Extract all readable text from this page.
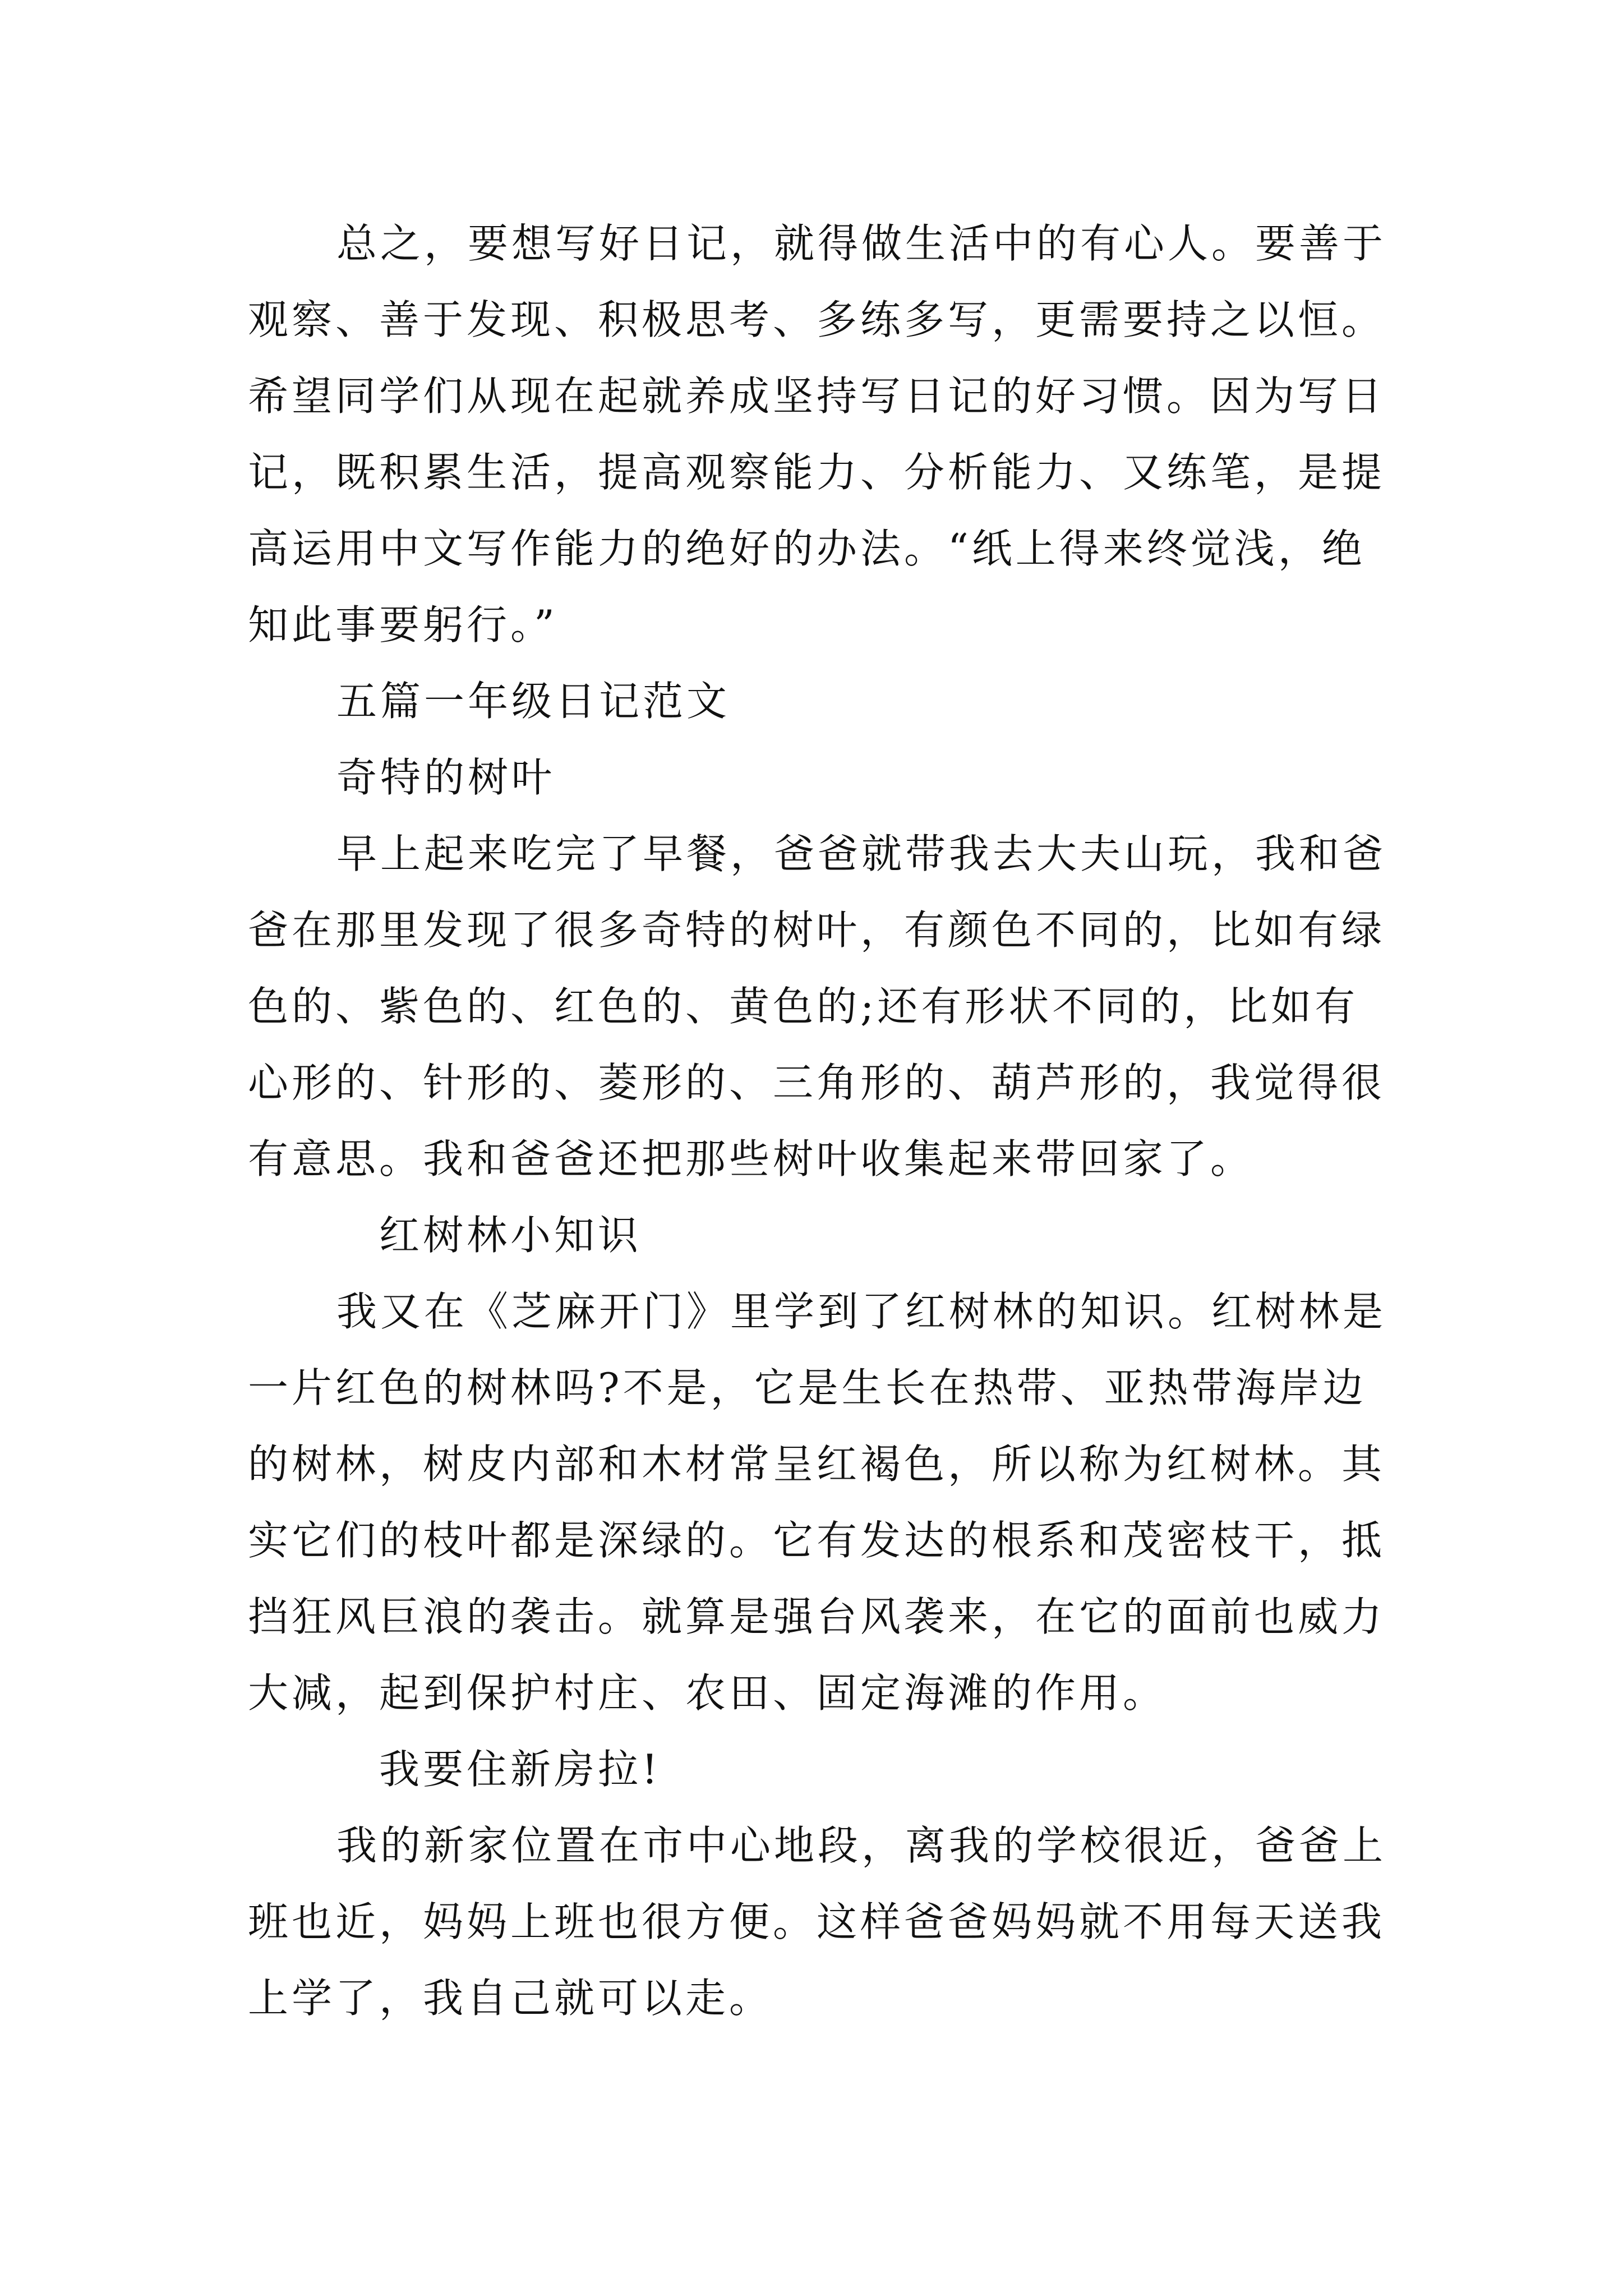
总之，要想写好日记，就得做生活中的有心人。要善于
观察、善于发现、积极思考、多练多写，更需要持之以恒。
希望同学们从现在起就养成坚持写日记的好习惯。因为写日
记，既积累生活，提高观察能力、分析能力、又练笔，是提
高运用中文写作能力的绝好的办法。“纸上得来终觉浅，绝
知此事要躬行。”
五篇一年级日记范文
奇特的树叶
早上起来吃完了早餐，爸爸就带我去大夫山玩，我和爸
爸在那里发现了很多奇特的树叶，有颜色不同的，比如有绿
色的、紫色的、红色的、黄色的;还有形状不同的，比如有
心形的、针形的、菱形的、三角形的、葫芦形的，我觉得很
有意思。我和爸爸还把那些树叶收集起来带回家了。
红树林小知识
我又在《芝麻开门》里学到了红树林的知识。红树林是
一片红色的树林吗?不是，它是生长在热带、亚热带海岸边
的树林，树皮内部和木材常呈红褐色，所以称为红树林。其
实它们的枝叶都是深绿的。它有发达的根系和茂密枝干，抵
挡狂风巨浪的袭击。就算是强台风袭来，在它的面前也威力
大减，起到保护村庄、农田、固定海滩的作用。
我要住新房拉!
我的新家位置在市中心地段，离我的学校很近，爸爸上
班也近，妈妈上班也很方便。这样爸爸妈妈就不用每天送我
上学了，我自己就可以走。
